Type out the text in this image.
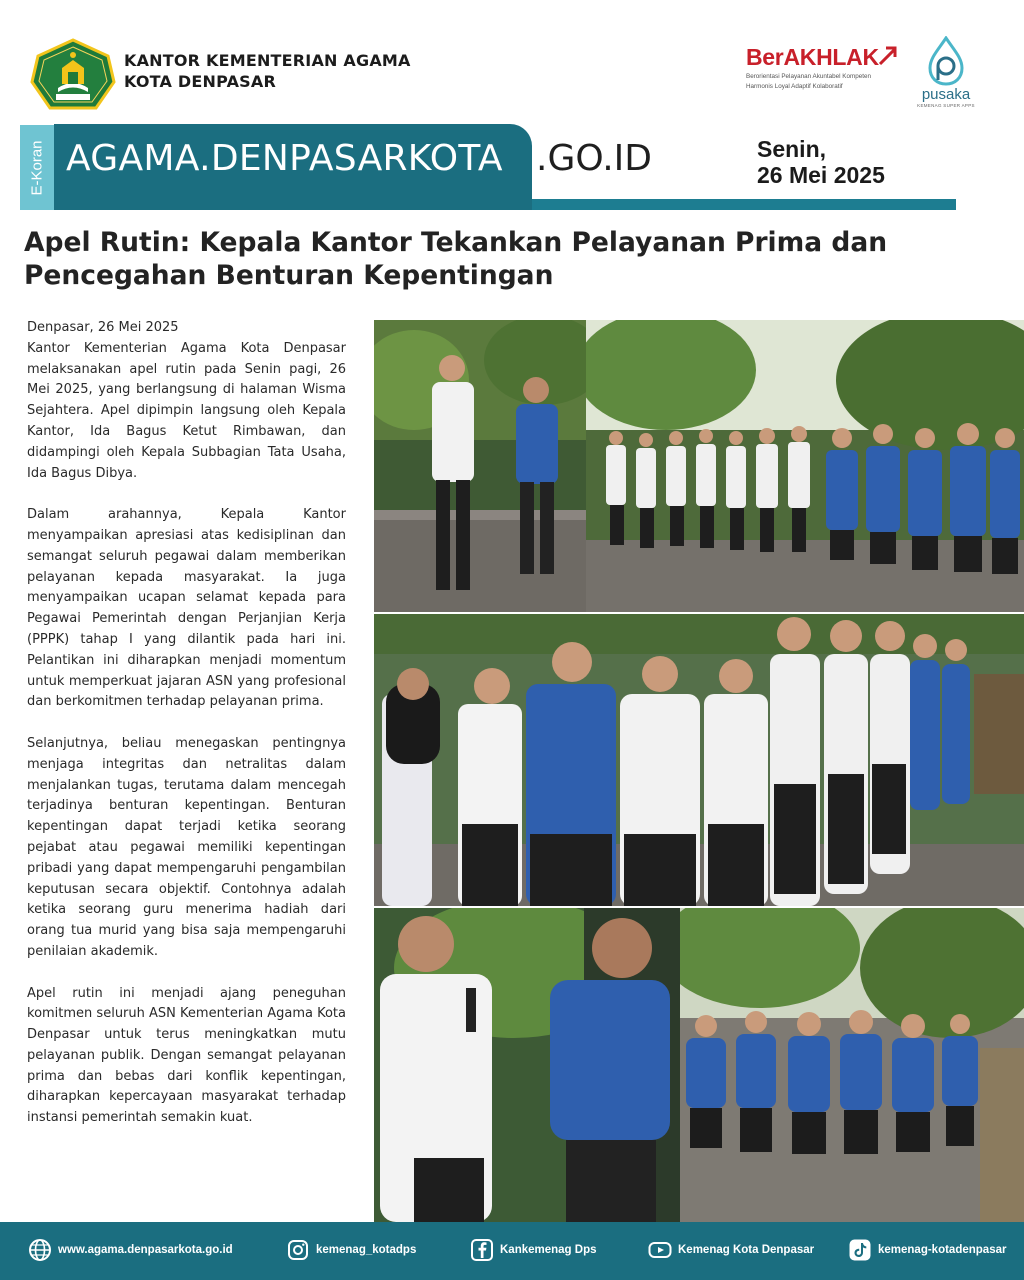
KANTOR KEMENTERIAN AGAMA
KOTA DENPASAR
BerAKHLAK
Berorientasi Pelayanan Akuntabel Kompeten
Harmonis Loyal Adaptif Kolaboratif	pusaka
KEMENAG SUPER APPS
E-Koran AGAMA.DENPASARKOTA .GO.ID	Senin,
26 Mei 2025
Apel Rutin: Kepala Kantor Tekankan Pelayanan Prima dan
Pencegahan Benturan Kepentingan

Denpasar, 26 Mei 2025

Kantor Kementerian Agama Kota Denpasar melaksanakan apel rutin pada Senin pagi, 26 Mei 2025, yang berlangsung di halaman Wisma Sejahtera. Apel dipimpin langsung oleh Kepala Kantor, Ida Bagus Ketut Rimbawan, dan didampingi oleh Kepala Subbagian Tata Usaha, Ida Bagus Dibya.

Dalam arahannya, Kepala Kantor menyampaikan apresiasi atas kedisiplinan dan semangat seluruh pegawai dalam memberikan pelayanan kepada masyarakat. Ia juga menyampaikan ucapan selamat kepada para Pegawai Pemerintah dengan Perjanjian Kerja (PPPK) tahap I yang dilantik pada hari ini. Pelantikan ini diharapkan menjadi momentum untuk memperkuat jajaran ASN yang profesional dan berkomitmen terhadap pelayanan prima.

Selanjutnya, beliau menegaskan pentingnya menjaga integritas dan netralitas dalam menjalankan tugas, terutama dalam mencegah terjadinya benturan kepentingan. Benturan kepentingan dapat terjadi ketika seorang pejabat atau pegawai memiliki kepentingan pribadi yang dapat mempengaruhi pengambilan keputusan secara objektif. Contohnya adalah ketika seorang guru menerima hadiah dari orang tua murid yang bisa saja mempengaruhi penilaian akademik.

Apel rutin ini menjadi ajang peneguhan komitmen seluruh ASN Kementerian Agama Kota Denpasar untuk terus meningkatkan mutu pelayanan publik. Dengan semangat pelayanan prima dan bebas dari konflik kepentingan, diharapkan kepercayaan masyarakat terhadap instansi pemerintah semakin kuat.

www.agama.denpasarkota.go.id	kemenag_kotadps	Kankemenag Dps	Kemenag Kota Denpasar	kemenag-kotadenpasar
